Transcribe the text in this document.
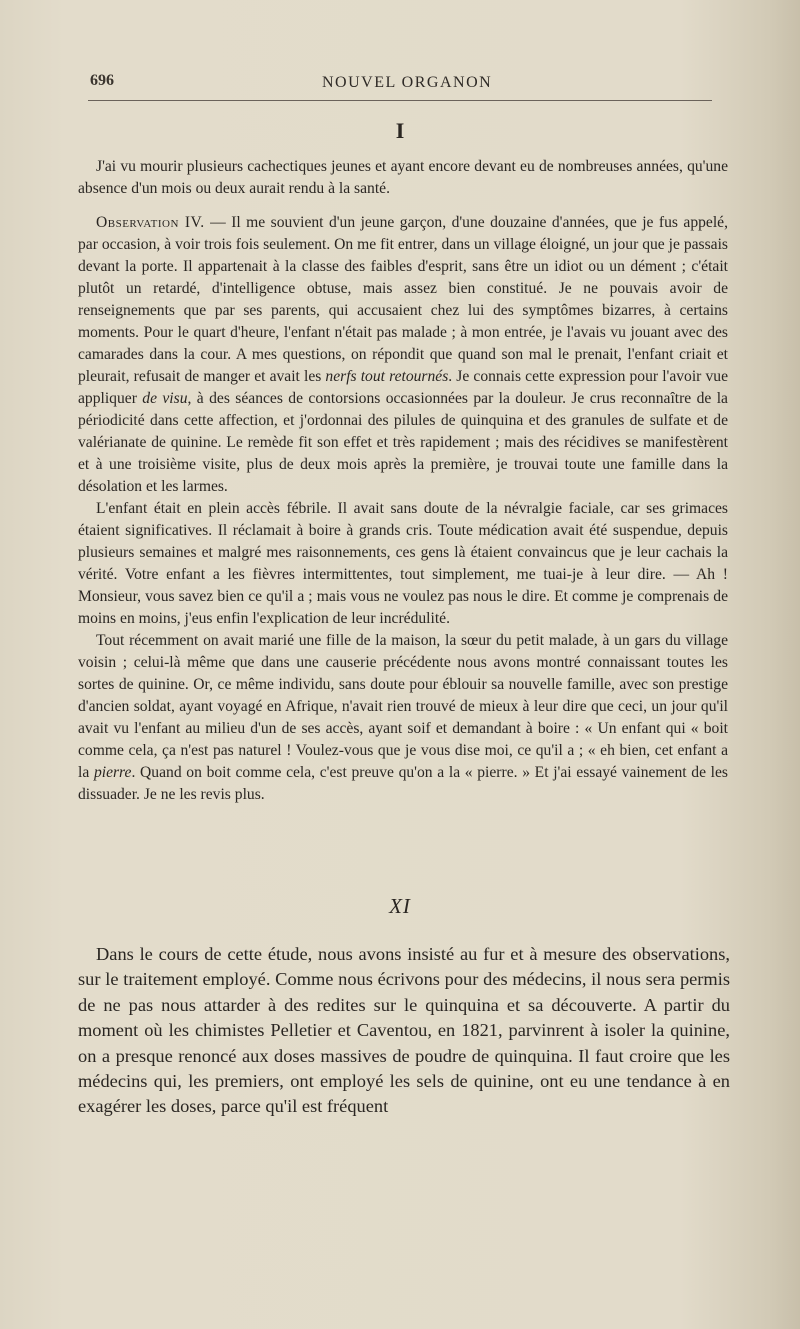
696	NOUVEL ORGANON
I

J'ai vu mourir plusieurs cachectiques jeunes et ayant encore devant eu de nombreuses années, qu'une absence d'un mois ou deux aurait rendu à la santé.

Observation IV. — Il me souvient d'un jeune garçon, d'une douzaine d'années, que je fus appelé, par occasion, à voir trois fois seulement. On me fit entrer, dans un village éloigné, un jour que je passais devant la porte. Il appartenait à la classe des faibles d'esprit, sans être un idiot ou un dément ; c'était plutôt un retardé, d'intelligence obtuse, mais assez bien constitué. Je ne pouvais avoir de renseignements que par ses parents, qui accusaient chez lui des symptômes bizarres, à certains moments. Pour le quart d'heure, l'enfant n'était pas malade ; à mon entrée, je l'avais vu jouant avec des camarades dans la cour. A mes questions, on répondit que quand son mal le prenait, l'enfant criait et pleurait, refusait de manger et avait les nerfs tout retournés. Je connais cette expression pour l'avoir vue appliquer de visu, à des séances de contorsions occasionnées par la douleur. Je crus reconnaître de la périodicité dans cette affection, et j'ordonnai des pilules de quinquina et des granules de sulfate et de valérianate de quinine. Le remède fit son effet et très rapidement ; mais des récidives se manifestèrent et à une troisième visite, plus de deux mois après la première, je trouvai toute une famille dans la désolation et les larmes.

L'enfant était en plein accès fébrile. Il avait sans doute de la névralgie faciale, car ses grimaces étaient significatives. Il réclamait à boire à grands cris. Toute médication avait été suspendue, depuis plusieurs semaines et malgré mes raisonnements, ces gens là étaient convaincus que je leur cachais la vérité. Votre enfant a les fièvres intermittentes, tout simplement, me tuai-je à leur dire. — Ah ! Monsieur, vous savez bien ce qu'il a ; mais vous ne voulez pas nous le dire. Et comme je comprenais de moins en moins, j'eus enfin l'explication de leur incrédulité.

Tout récemment on avait marié une fille de la maison, la sœur du petit malade, à un gars du village voisin ; celui-là même que dans une causerie précédente nous avons montré connaissant toutes les sortes de quinine. Or, ce même individu, sans doute pour éblouir sa nouvelle famille, avec son prestige d'ancien soldat, ayant voyagé en Afrique, n'avait rien trouvé de mieux à leur dire que ceci, un jour qu'il avait vu l'enfant au milieu d'un de ses accès, ayant soif et demandant à boire : « Un enfant qui « boit comme cela, ça n'est pas naturel ! Voulez-vous que je vous dise moi, ce qu'il a ; « eh bien, cet enfant a la pierre. Quand on boit comme cela, c'est preuve qu'on a la « pierre. » Et j'ai essayé vainement de les dissuader. Je ne les revis plus.

XI

Dans le cours de cette étude, nous avons insisté au fur et à mesure des observations, sur le traitement employé. Comme nous écrivons pour des médecins, il nous sera permis de ne pas nous attarder à des redites sur le quinquina et sa découverte. A partir du moment où les chimistes Pelletier et Caventou, en 1821, parvinrent à isoler la quinine, on a presque renoncé aux doses massives de poudre de quinquina. Il faut croire que les médecins qui, les premiers, ont employé les sels de quinine, ont eu une tendance à en exagérer les doses, parce qu'il est fréquent
